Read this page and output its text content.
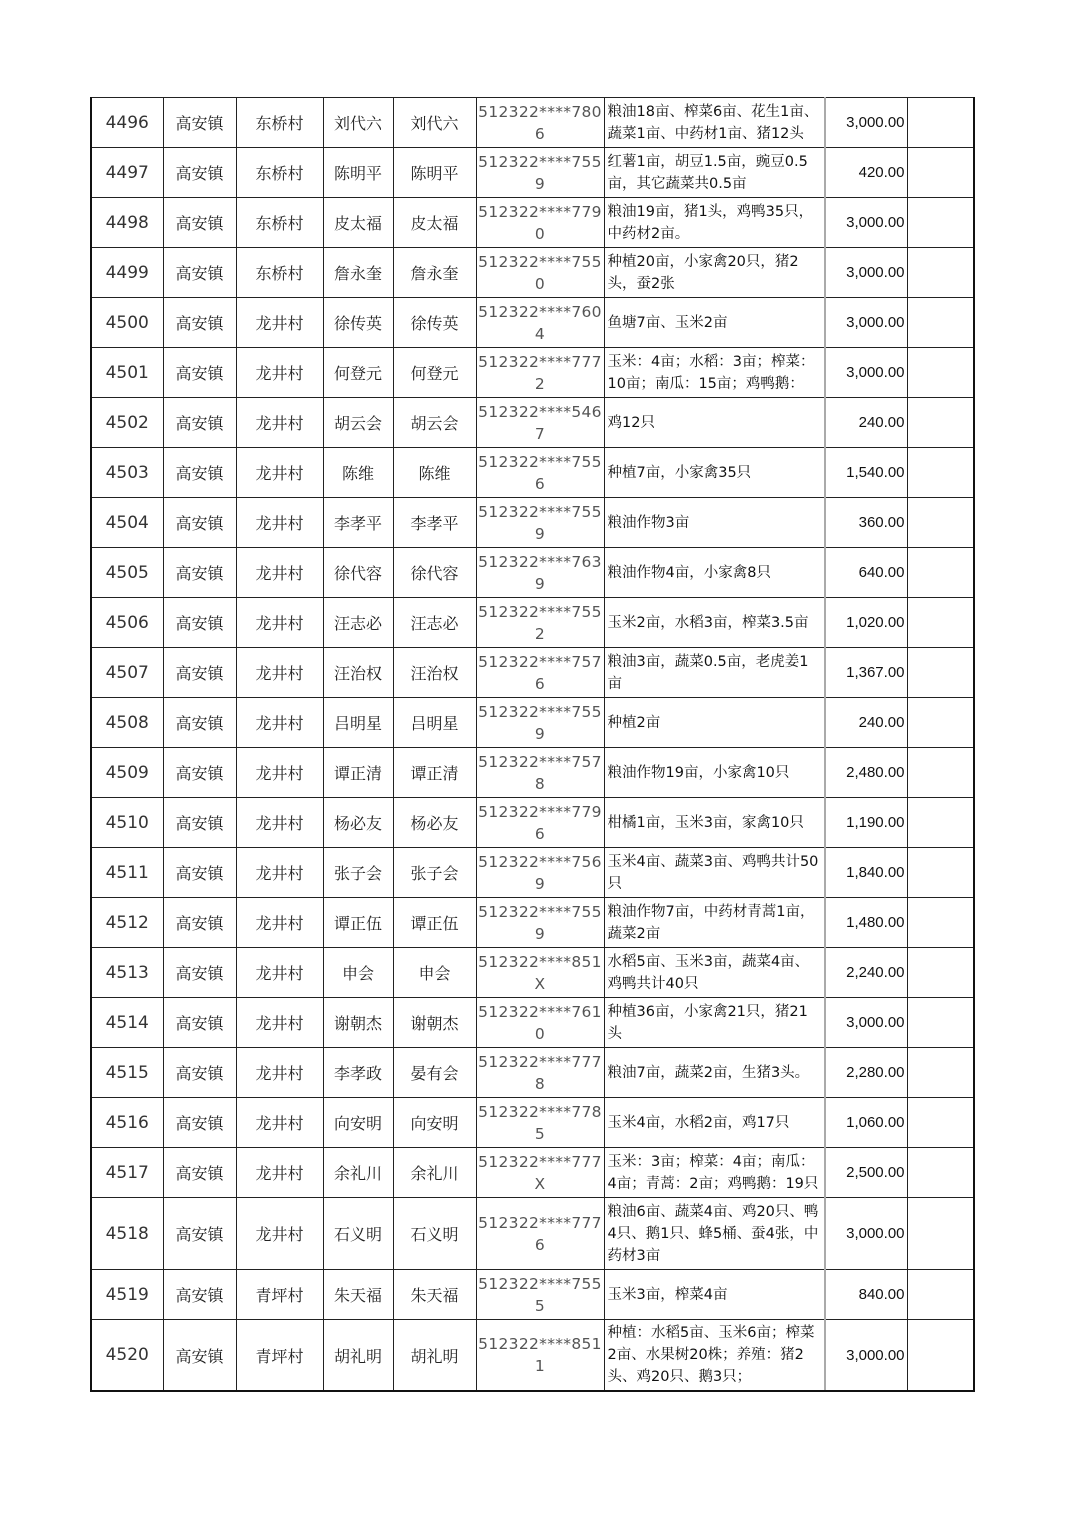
4496	高安镇	东桥村	刘代六	刘代六	512322****7806	粮油18亩、榨菜6亩、花生1亩、蔬菜1亩、中药材1亩、猪12头	3,000.00	
4497	高安镇	东桥村	陈明平	陈明平	512322****7559	红薯1亩，胡豆1.5亩，豌豆0.5亩，其它蔬菜共0.5亩	420.00	
4498	高安镇	东桥村	皮太福	皮太福	512322****7790	粮油19亩，猪1头，鸡鸭35只，中药材2亩。	3,000.00	
4499	高安镇	东桥村	詹永奎	詹永奎	512322****7550	种植20亩，小家禽20只，猪2头，蚕2张	3,000.00	
4500	高安镇	龙井村	徐传英	徐传英	512322****7604	鱼塘7亩、玉米2亩	3,000.00	
4501	高安镇	龙井村	何登元	何登元	512322****7772	玉米：4亩；水稻：3亩；榨菜：10亩；南瓜：15亩；鸡鸭鹅：	3,000.00	
4502	高安镇	龙井村	胡云会	胡云会	512322****5467	鸡12只	240.00	
4503	高安镇	龙井村	陈维	陈维	512322****7556	种植7亩，小家禽35只	1,540.00	
4504	高安镇	龙井村	李孝平	李孝平	512322****7559	粮油作物3亩	360.00	
4505	高安镇	龙井村	徐代容	徐代容	512322****7639	粮油作物4亩，小家禽8只	640.00	
4506	高安镇	龙井村	汪志必	汪志必	512322****7552	玉米2亩，水稻3亩，榨菜3.5亩	1,020.00	
4507	高安镇	龙井村	汪治权	汪治权	512322****7576	粮油3亩，蔬菜0.5亩，老虎姜1亩	1,367.00	
4508	高安镇	龙井村	吕明星	吕明星	512322****7559	种植2亩	240.00	
4509	高安镇	龙井村	谭正清	谭正清	512322****7578	粮油作物19亩，小家禽10只	2,480.00	
4510	高安镇	龙井村	杨必友	杨必友	512322****7796	柑橘1亩，玉米3亩，家禽10只	1,190.00	
4511	高安镇	龙井村	张子会	张子会	512322****7569	玉米4亩、蔬菜3亩、鸡鸭共计50只	1,840.00	
4512	高安镇	龙井村	谭正伍	谭正伍	512322****7559	粮油作物7亩，中药材青蒿1亩，蔬菜2亩	1,480.00	
4513	高安镇	龙井村	申会	申会	512322****851X	水稻5亩、玉米3亩，蔬菜4亩、鸡鸭共计40只	2,240.00	
4514	高安镇	龙井村	谢朝杰	谢朝杰	512322****7610	种植36亩，小家禽21只，猪21头	3,000.00	
4515	高安镇	龙井村	李孝政	晏有会	512322****7778	粮油7亩，蔬菜2亩，生猪3头。	2,280.00	
4516	高安镇	龙井村	向安明	向安明	512322****7785	玉米4亩，水稻2亩，鸡17只	1,060.00	
4517	高安镇	龙井村	余礼川	余礼川	512322****777X	玉米：3亩；榨菜：4亩；南瓜：4亩；青蒿：2亩；鸡鸭鹅：19只	2,500.00	
4518	高安镇	龙井村	石义明	石义明	512322****7776	粮油6亩、蔬菜4亩、鸡20只、鸭4只、鹅1只、蜂5桶、蚕4张，中药材3亩	3,000.00	
4519	高安镇	青坪村	朱天福	朱天福	512322****7555	玉米3亩，榨菜4亩	840.00	
4520	高安镇	青坪村	胡礼明	胡礼明	512322****8511	种植：水稻5亩、玉米6亩；榨菜2亩、水果树20株；养殖：猪2头、鸡20只、鹅3只；	3,000.00	
